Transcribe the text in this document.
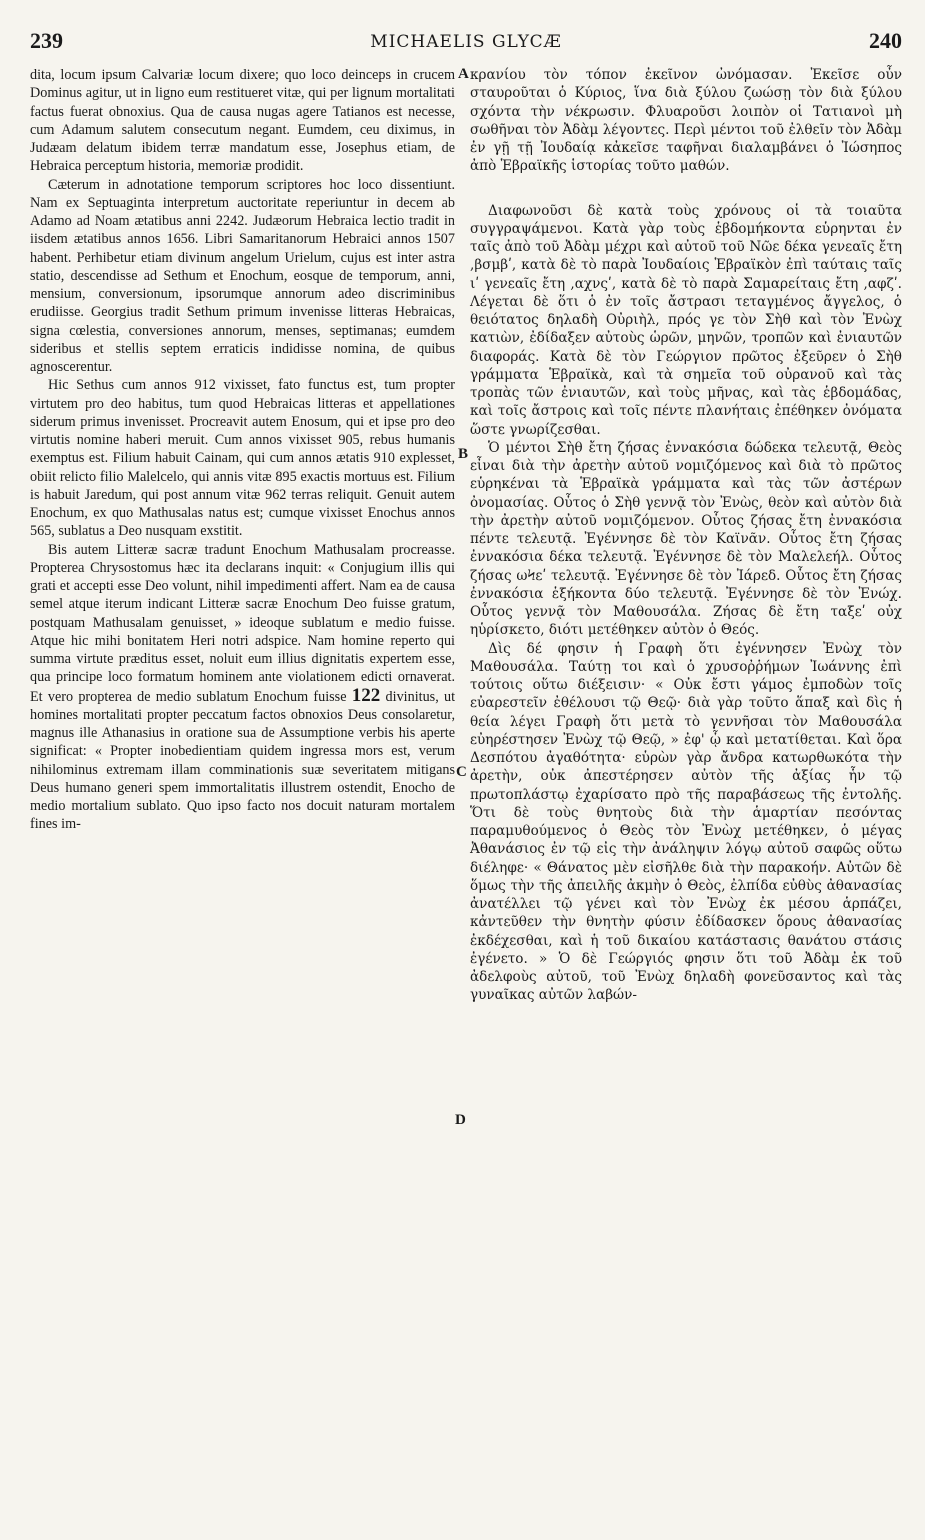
239	MICHAELIS GLYCÆ	240
A
B
C
D

dita, locum ipsum Calvariæ locum dixere; quo loco deinceps in crucem Dominus agitur, ut in ligno eum restitueret vitæ, qui per lignum mortalitati factus fuerat obnoxius. Qua de causa nugas agere Tatianos est necesse, cum Adamum salutem consecutum negant. Eumdem, ceu diximus, in Judæam delatum ibidem terræ mandatum esse, Josephus etiam, de Hebraica perceptum historia, memoriæ prodidit.

Cæterum in adnotatione temporum scriptores hoc loco dissentiunt. Nam ex Septuaginta interpretum auctoritate reperiuntur in decem ab Adamo ad Noam ætatibus anni 2242. Judæorum Hebraica lectio tradit in iisdem ætatibus annos 1656. Libri Samaritanorum Hebraici annos 1507 habent. Perhibetur etiam divinum angelum Urielum, cujus est inter astra statio, descendisse ad Sethum et Enochum, eosque de temporum, anni, mensium, conversionum, ipsorumque annorum adeo discriminibus erudiisse. Georgius tradit Sethum primum invenisse litteras Hebraicas, signa cœlestia, conversiones annorum, menses, septimanas; eumdem sideribus et stellis septem erraticis indidisse nomina, de quibus agnoscerentur.

Hic Sethus cum annos 912 vixisset, fato functus est, tum propter virtutem pro deo habitus, tum quod Hebraicas litteras et appellationes siderum primus invenisset. Procreavit autem Enosum, qui et ipse pro deo virtutis nomine haberi meruit. Cum annos vixisset 905, rebus humanis exemptus est. Filium habuit Cainam, qui cum annos ætatis 910 explesset, obiit relicto filio Malelcelo, qui annis vitæ 895 exactis mortuus est. Filium is habuit Jaredum, qui post annum vitæ 962 terras reliquit. Genuit autem Enochum, ex quo Mathusalas natus est; cumque vixisset Enochus annos 565, sublatus a Deo nusquam exstitit.

Bis autem Litteræ sacræ tradunt Enochum Mathusalam procreasse. Propterea Chrysostomus hæc ita declarans inquit: « Conjugium illis qui grati et accepti esse Deo volunt, nihil impedimenti affert. Nam ea de causa semel atque iterum indicant Litteræ sacræ Enochum Deo fuisse gratum, postquam Mathusalam genuisset, » ideoque sublatum e medio fuisse. Atque hic mihi bonitatem Heri notri adspice. Nam homine reperto qui summa virtute præditus esset, noluit eum illius dignitatis expertem esse, qua principe loco formatum hominem ante violationem edicti ornaverat. Et vero propterea de medio sublatum Enochum fuisse 122 divinitus, ut homines mortalitati propter peccatum factos obnoxios Deus consolaretur, magnus ille Athanasius in oratione sua de Assumptione verbis his aperte significat: « Propter inobedientiam quidem ingressa mors est, verum nihilominus extremam illam comminationis suæ severitatem mitigans Deus humano generi spem immortalitatis illustrem ostendit, Enocho de medio mortalium sublato. Quo ipso facto nos docuit naturam mortalem fines im-

κρανίου τὸν τόπον ἐκεῖνον ὠνόμασαν. Ἐκεῖσε οὖν σταυροῦται ὁ Κύριος, ἵνα διὰ ξύλου ζωώσῃ τὸν διὰ ξύλου σχόντα τὴν νέκρωσιν. Φλυαροῦσι λοιπὸν οἱ Τατιανοὶ μὴ σωθῆναι τὸν Ἀδὰμ λέγοντες. Περὶ μέντοι τοῦ ἐλθεῖν τὸν Ἀδὰμ ἐν γῇ τῇ Ἰουδαίᾳ κἀκεῖσε ταφῆναι διαλαμβάνει ὁ Ἰώσηπος ἀπὸ Ἑβραϊκῆς ἱστορίας τοῦτο μαθών.

Διαφωνοῦσι δὲ κατὰ τοὺς χρόνους οἱ τὰ τοιαῦτα συγγραψάμενοι. Κατὰ γὰρ τοὺς ἑβδομήκοντα εὑρηνται ἐν ταῖς ἀπὸ τοῦ Ἀδὰμ μέχρι καὶ αὐτοῦ τοῦ Νῶε δέκα γενεαῖς ἔτη ,βσμβʹ, κατὰ δὲ τὸ παρὰ Ἰουδαίοις Ἑβραϊκὸν ἐπὶ ταύταις ταῖς ιʹ γενεαῖς ἔτη ,αχνςʹ, κατὰ δὲ τὸ παρὰ Σαμαρείταις ἔτη ,αφζʹ. Λέγεται δὲ ὅτι ὁ ἐν τοῖς ἄστρασι τεταγμένος ἄγγελος, ὁ θειότατος δηλαδὴ Οὐριὴλ, πρός γε τὸν Σὴθ καὶ τὸν Ἐνὼχ κατιὼν, ἐδίδαξεν αὐτοὺς ὡρῶν, μηνῶν, τροπῶν καὶ ἐνιαυτῶν διαφοράς. Κατὰ δὲ τὸν Γεώργιον πρῶτος ἐξεῦρεν ὁ Σὴθ γράμματα Ἑβραϊκὰ, καὶ τὰ σημεῖα τοῦ οὐρανοῦ καὶ τὰς τροπὰς τῶν ἐνιαυτῶν, καὶ τοὺς μῆνας, καὶ τὰς ἑβδομάδας, καὶ τοῖς ἄστροις καὶ τοῖς πέντε πλανήταις ἐπέθηκεν ὀνόματα ὥστε γνωρίζεσθαι.

Ὁ μέντοι Σὴθ ἔτη ζήσας ἐννακόσια δώδεκα τελευτᾷ, Θεὸς εἶναι διὰ τὴν ἀρετὴν αὐτοῦ νομιζόμενος καὶ διὰ τὸ πρῶτος εὑρηκέναι τὰ Ἑβραϊκὰ γράμματα καὶ τὰς τῶν ἀστέρων ὀνομασίας. Οὗτος ὁ Σὴθ γεννᾷ τὸν Ἐνὼς, θεὸν καὶ αὐτὸν διὰ τὴν ἀρετὴν αὐτοῦ νομιζόμενον. Οὗτος ζήσας ἔτη ἐννακόσια πέντε τελευτᾷ. Ἐγέννησε δὲ τὸν Καϊνᾶν. Οὗτος ἔτη ζήσας ἐννακόσια δέκα τελευτᾷ. Ἐγέννησε δὲ τὸν Μαλελεήλ. Οὗτος ζήσας ωϞεʹ τελευτᾷ. Ἐγέννησε δὲ τὸν Ἰάρεδ. Οὗτος ἔτη ζήσας ἐννακόσια ἑξήκοντα δύο τελευτᾷ. Ἐγέννησε δὲ τὸν Ἐνώχ. Οὗτος γεννᾷ τὸν Μαθουσάλα. Ζήσας δὲ ἔτη ταξεʹ οὐχ ηὑρίσκετο, διότι μετέθηκεν αὐτὸν ὁ Θεός.

Δὶς δέ φησιν ἡ Γραφὴ ὅτι ἐγέννησεν Ἐνὼχ τὸν Μαθουσάλα. Ταύτῃ τοι καὶ ὁ χρυσοῤῥήμων Ἰωάννης ἐπὶ τούτοις οὕτω διέξεισιν· « Οὐκ ἔστι γάμος ἐμποδὼν τοῖς εὐαρεστεῖν ἐθέλουσι τῷ Θεῷ· διὰ γὰρ τοῦτο ἅπαξ καὶ δὶς ἡ θεία λέγει Γραφὴ ὅτι μετὰ τὸ γεννῆσαι τὸν Μαθουσάλα εὐηρέστησεν Ἐνὼχ τῷ Θεῷ, » ἐφ' ᾧ καὶ μετατίθεται. Καὶ ὅρα Δεσπότου ἀγαθότητα· εὑρὼν γὰρ ἄνδρα κατωρθωκότα τὴν ἀρετὴν, οὐκ ἀπεστέρησεν αὐτὸν τῆς ἀξίας ἧν τῷ πρωτοπλάστῳ ἐχαρίσατο πρὸ τῆς παραβάσεως τῆς ἐντολῆς. Ὅτι δὲ τοὺς θνητοὺς διὰ τὴν ἁμαρτίαν πεσόντας παραμυθούμενος ὁ Θεὸς τὸν Ἐνὼχ μετέθηκεν, ὁ μέγας Ἀθανάσιος ἐν τῷ εἰς τὴν ἀνάληψιν λόγῳ αὐτοῦ σαφῶς οὕτω διέληφε· « Θάνατος μὲν εἰσῆλθε διὰ τὴν παρακοήν. Αὐτῶν δὲ ὅμως τὴν τῆς ἀπειλῆς ἀκμὴν ὁ Θεὸς, ἐλπίδα εὐθὺς ἀθανασίας ἀνατέλλει τῷ γένει καὶ τὸν Ἐνὼχ ἐκ μέσου ἁρπάζει, κἀντεῦθεν τὴν θνητὴν φύσιν ἐδίδασκεν ὅρους ἀθανασίας ἐκδέχεσθαι, καὶ ἡ τοῦ δικαίου κατάστασις θανάτου στάσις ἐγένετο. » Ὁ δὲ Γεώργιός φησιν ὅτι τοῦ Ἀδὰμ ἐκ τοῦ ἀδελφοὺς αὐτοῦ, τοῦ Ἐνὼχ δηλαδὴ φονεῦσαντος καὶ τὰς γυναῖκας αὐτῶν λαβών-
